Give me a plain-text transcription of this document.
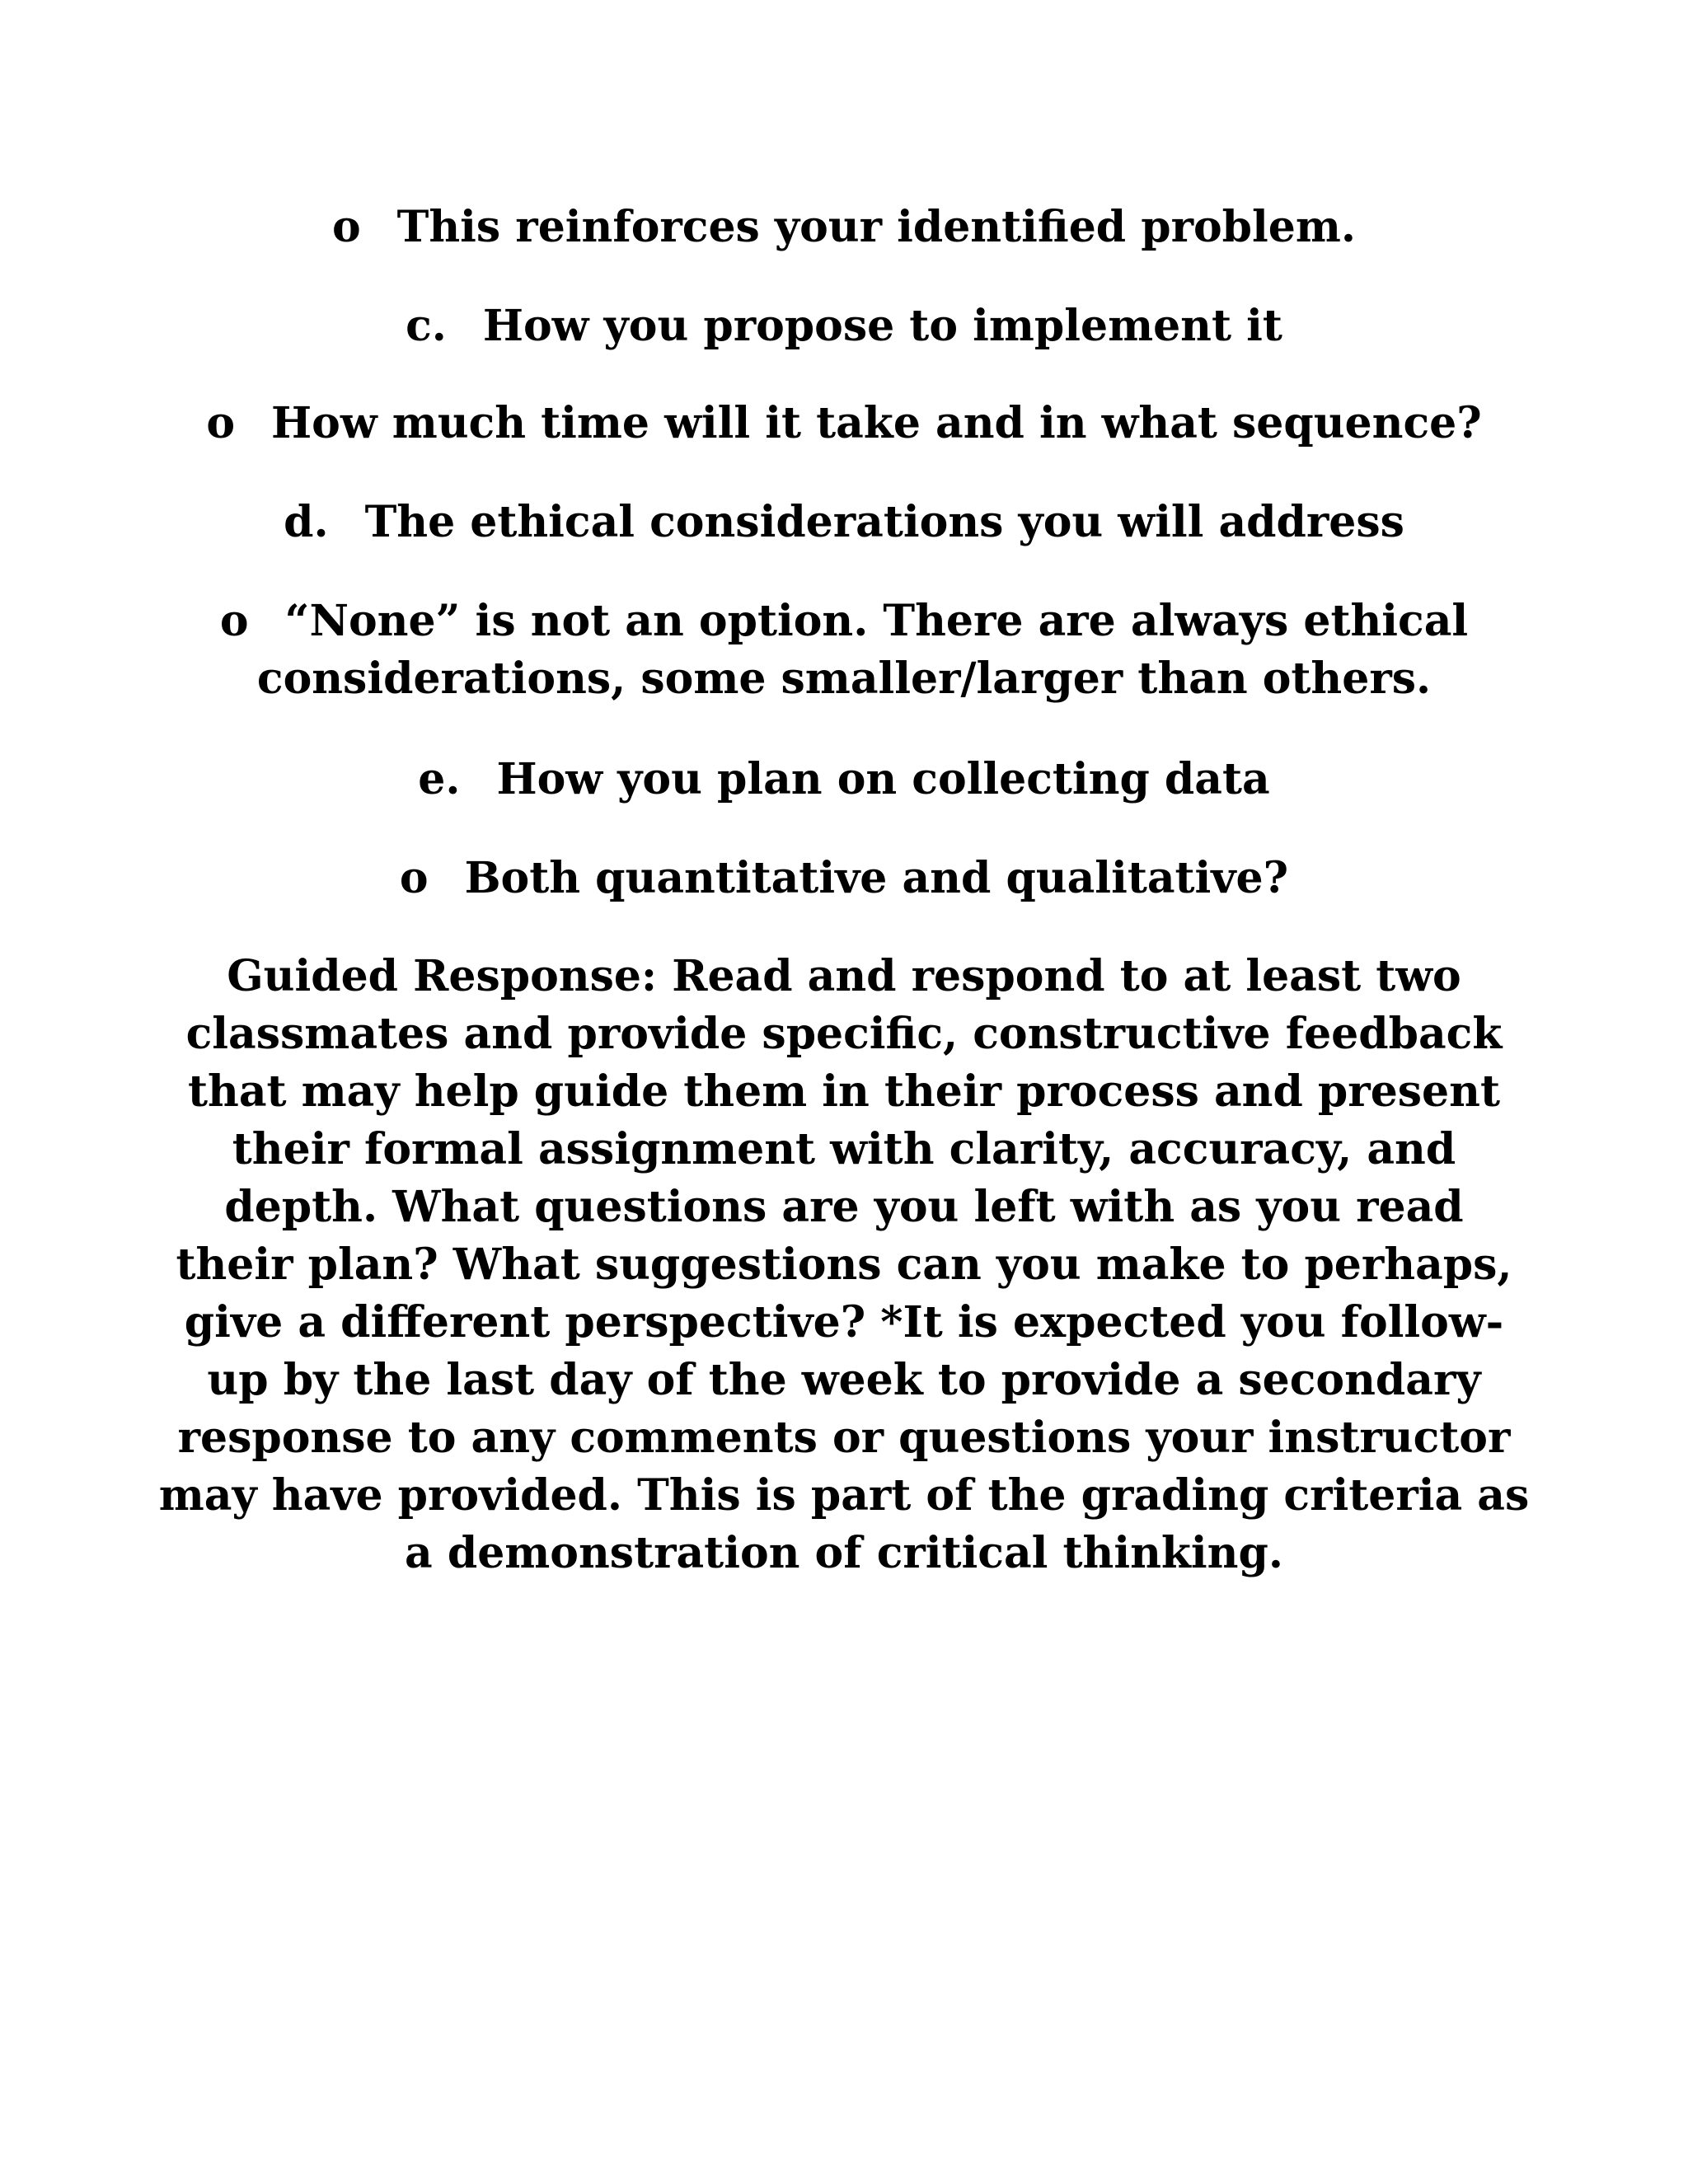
o This reinforces your identified problem.
c. How you propose to implement it
o How much time will it take and in what sequence?
d. The ethical considerations you will address
o “None” is not an option. There are always ethical
considerations, some smaller/larger than others.
e. How you plan on collecting data
o Both quantitative and qualitative?
Guided Response: Read and respond to at least two
classmates and provide specific, constructive feedback
that may help guide them in their process and present
their formal assignment with clarity, accuracy, and
depth. What questions are you left with as you read
their plan? What suggestions can you make to perhaps,
give a different perspective? *It is expected you follow-
up by the last day of the week to provide a secondary
response to any comments or questions your instructor
may have provided. This is part of the grading criteria as
a demonstration of critical thinking.
